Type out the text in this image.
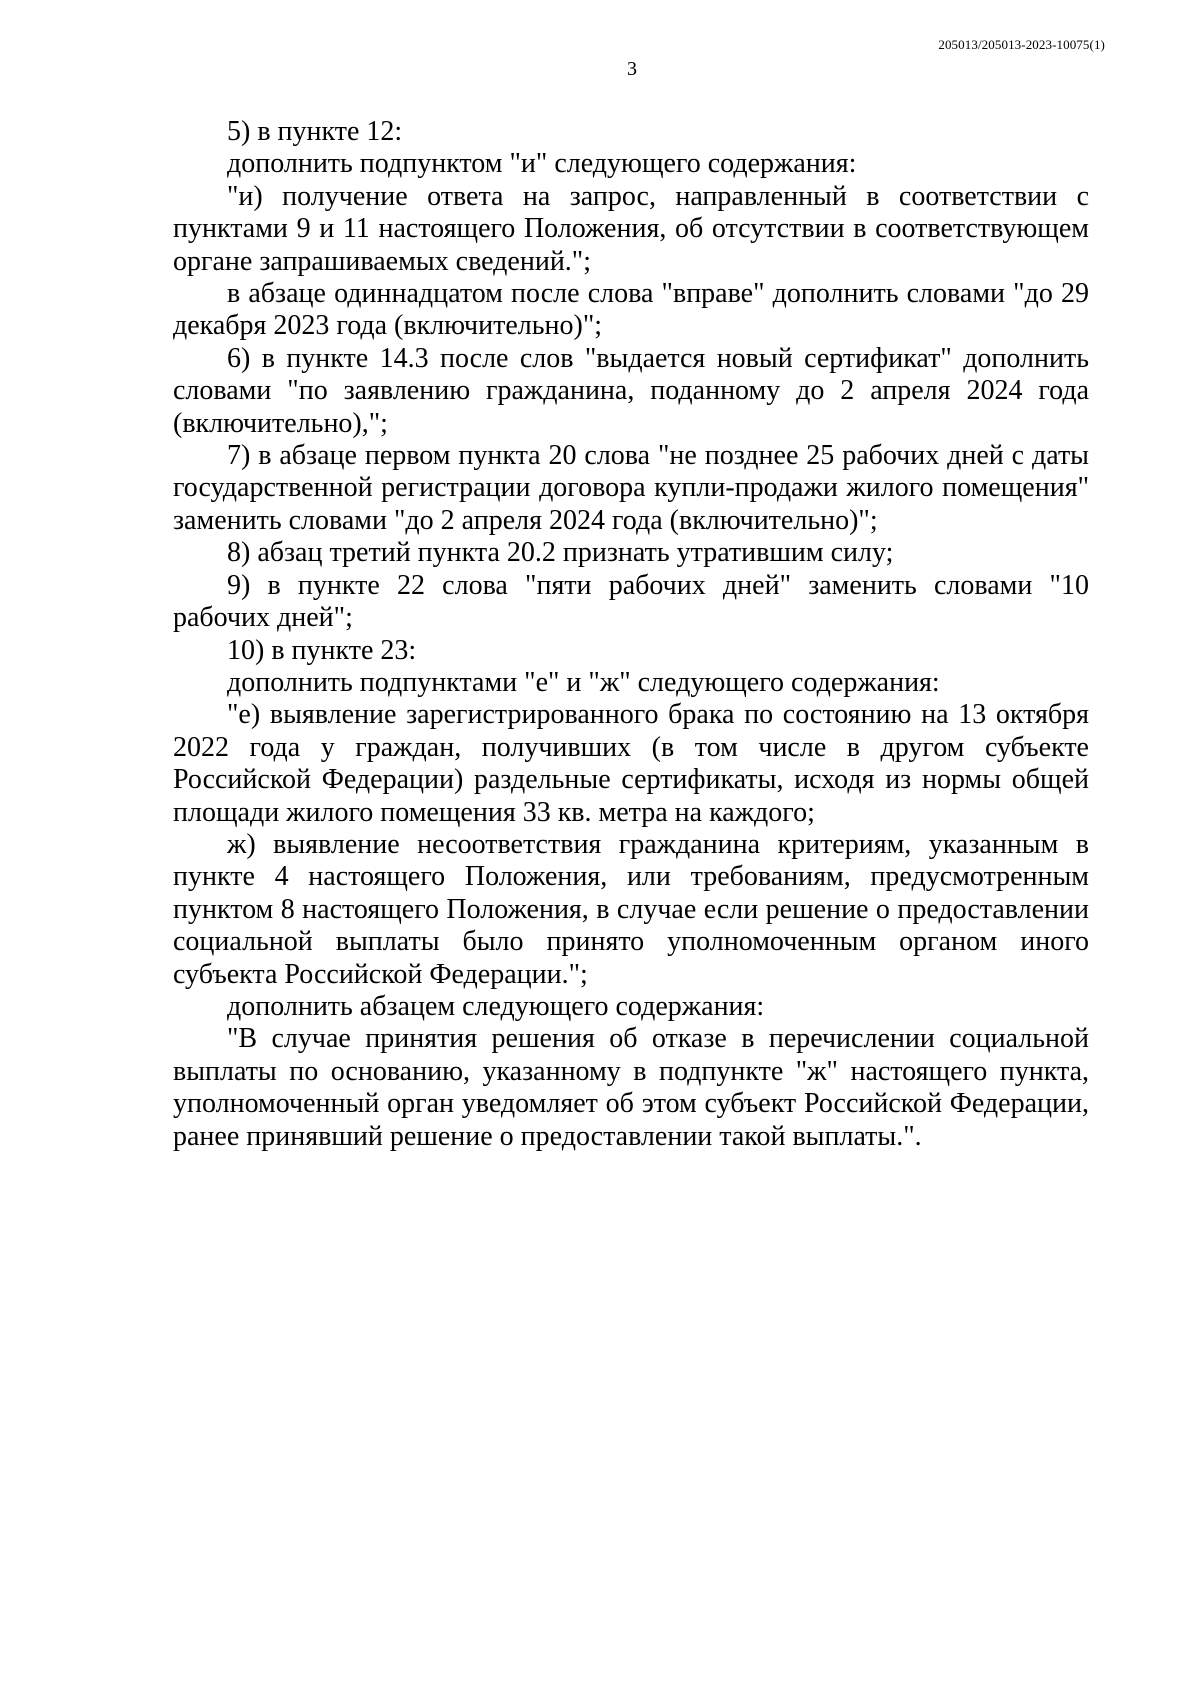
205013/205013-2023-10075(1)
3

5) в пункте 12:

дополнить подпунктом "и" следующего содержания:

"и) получение ответа на запрос, направленный в соответствии с пунктами 9 и 11 настоящего Положения, об отсутствии в соответствующем органе запрашиваемых сведений.";

в абзаце одиннадцатом после слова "вправе" дополнить словами "до 29 декабря 2023 года (включительно)";

6) в пункте 14.3 после слов "выдается новый сертификат" дополнить словами "по заявлению гражданина, поданному до 2 апреля 2024 года (включительно),";

7) в абзаце первом пункта 20 слова "не позднее 25 рабочих дней с даты государственной регистрации договора купли-продажи жилого помещения" заменить словами "до 2 апреля 2024 года (включительно)";

8) абзац третий пункта 20.2 признать утратившим силу;

9) в пункте 22 слова "пяти рабочих дней" заменить словами "10 рабочих дней";

10) в пункте 23:

дополнить подпунктами "е" и "ж" следующего содержания:

"е) выявление зарегистрированного брака по состоянию на 13 октября 2022 года у граждан, получивших (в том числе в другом субъекте Российской Федерации) раздельные сертификаты, исходя из нормы общей площади жилого помещения 33 кв. метра на каждого;

ж) выявление несоответствия гражданина критериям, указанным в пункте 4 настоящего Положения, или требованиям, предусмотренным пунктом 8 настоящего Положения, в случае если решение о предоставлении социальной выплаты было принято уполномоченным органом иного субъекта Российской Федерации.";

дополнить абзацем следующего содержания:

"В случае принятия решения об отказе в перечислении социальной выплаты по основанию, указанному в подпункте "ж" настоящего пункта, уполномоченный орган уведомляет об этом субъект Российской Федерации, ранее принявший решение о предоставлении такой выплаты.".
